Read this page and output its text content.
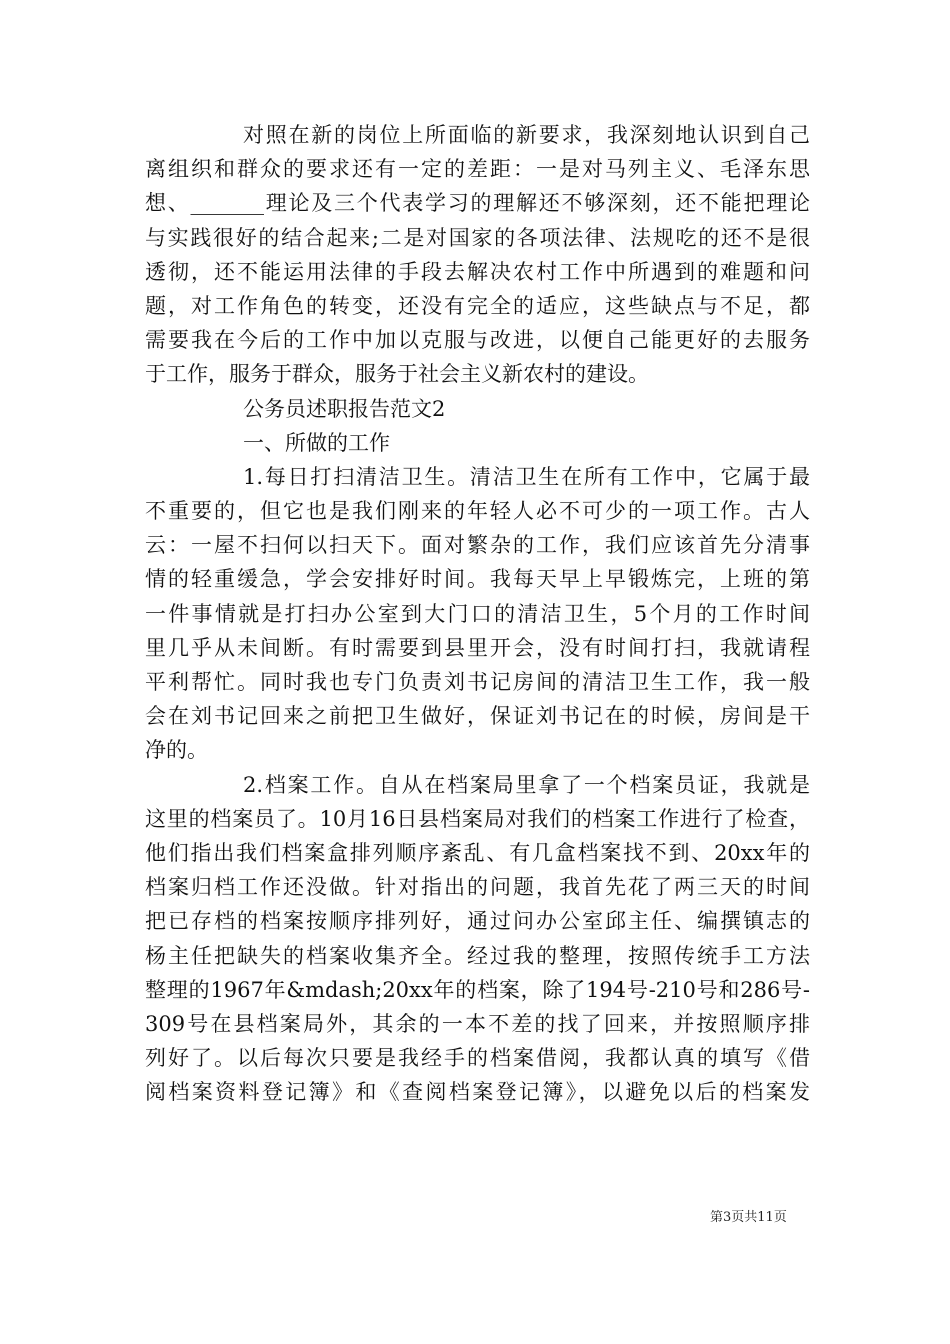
对照在新的岗位上所面临的新要求，我深刻地认识到自己
离组织和群众的要求还有一定的差距：一是对马列主义、毛泽东思
想、_______理论及三个代表学习的理解还不够深刻，还不能把理论
与实践很好的结合起来;二是对国家的各项法律、法规吃的还不是很
透彻，还不能运用法律的手段去解决农村工作中所遇到的难题和问
题，对工作角色的转变，还没有完全的适应，这些缺点与不足，都
需要我在今后的工作中加以克服与改进，以便自己能更好的去服务
于工作，服务于群众，服务于社会主义新农村的建设。
公务员述职报告范文2
一、所做的工作
1.每日打扫清洁卫生。清洁卫生在所有工作中，它属于最
不重要的，但它也是我们刚来的年轻人必不可少的一项工作。古人
云：一屋不扫何以扫天下。面对繁杂的工作，我们应该首先分清事
情的轻重缓急，学会安排好时间。我每天早上早锻炼完，上班的第
一件事情就是打扫办公室到大门口的清洁卫生，5个月的工作时间
里几乎从未间断。有时需要到县里开会，没有时间打扫，我就请程
平利帮忙。同时我也专门负责刘书记房间的清洁卫生工作，我一般
会在刘书记回来之前把卫生做好，保证刘书记在的时候，房间是干
净的。
2.档案工作。自从在档案局里拿了一个档案员证，我就是
这里的档案员了。10月16日县档案局对我们的档案工作进行了检查，
他们指出我们档案盒排列顺序紊乱、有几盒档案找不到、20xx年的
档案归档工作还没做。针对指出的问题，我首先花了两三天的时间
把已存档的档案按顺序排列好，通过问办公室邱主任、编撰镇志的
杨主任把缺失的档案收集齐全。经过我的整理，按照传统手工方法
整理的1967年&mdash;20xx年的档案，除了194号-210号和286号-
309号在县档案局外，其余的一本不差的找了回来，并按照顺序排
列好了。以后每次只要是我经手的档案借阅，我都认真的填写《借
阅档案资料登记簿》和《查阅档案登记簿》，以避免以后的档案发
第3页共11页
